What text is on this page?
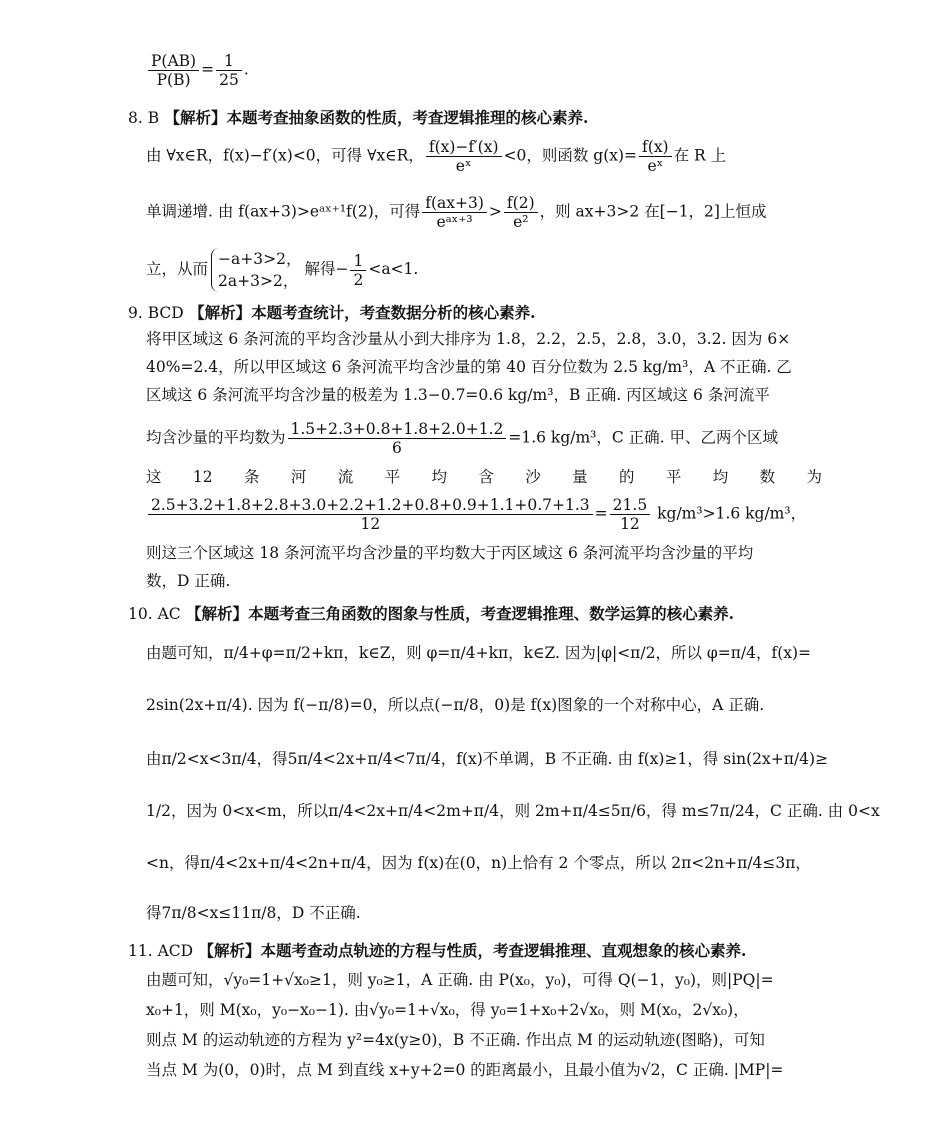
$\frac{P(AB)}{P(B)} = \frac{1}{25}$ .
8. B 【解析】本题考查抽象函数的性质，考查逻辑推理的核心素养.
由 ∀x∈R，f(x)−f′(x)<0，可得 ∀x∈R， $\frac{f(x)-f'(x)}{\text{eˣ}} <0$，则函数 $g(x)= \frac{f(x)}{\text{eˣ}}$ 在 R 上
单调递增. 由 f(ax+3)>eᵃˣ⁺¹f(2)，可得 $\frac{f(ax+3)}{\text{eᵃˣ⁺³}} > \frac{f(2)}{\text{e²}}$ ，则 ax+3>2 在[−1，2]上恒成
立，从而
−a+3>2，
2a+3>2，
解得− $\frac{1}{2} <a<1$.
9. BCD 【解析】本题考查统计，考查数据分析的核心素养.
将甲区域这 6 条河流的平均含沙量从小到大排序为 1.8，2.2，2.5，2.8，3.0，3.2. 因为 6×
40%=2.4，所以甲区域这 6 条河流平均含沙量的第 40 百分位数为 2.5 kg/m³，A 不正确. 乙
区域这 6 条河流平均含沙量的极差为 1.3−0.7=0.6 kg/m³，B 正确. 丙区域这 6 条河流平
均含沙量的平均数为 $\frac{1.5+2.3+0.8+1.8+2.0+1.2}{6} =1.6$ kg/m³，C 正确. 甲、乙两个区域
这 12 条 河 流 平 均 含 沙 量 的 平 均 数 为
$\frac{2.5+3.2+1.8+2.8+3.0+2.2+1.2+0.8+0.9+1.1+0.7+1.3}{12} = \frac{21.5}{12} kg/m^3>1.6$ kg/m³，
则这三个区域这 18 条河流平均含沙量的平均数大于丙区域这 6 条河流平均含沙量的平均
数，D 正确.
10. AC 【解析】本题考查三角函数的图象与性质，考查逻辑推理、数学运算的核心素养.
由题可知，π/4+φ=π/2+kπ，k∈Z，则 φ=π/4+kπ，k∈Z. 因为|φ|<π/2，所以 φ=π/4，f(x)=
2sin(2x+π/4). 因为 f(−π/8)=0，所以点(−π/8，0)是 f(x)图象的一个对称中心，A 正确.
由π/2<x<3π/4，得5π/4<2x+π/4<7π/4，f(x)不单调，B 不正确. 由 f(x)≥1，得 sin(2x+π/4)≥
1/2，因为 0<x<m，所以π/4<2x+π/4<2m+π/4，则 2m+π/4≤5π/6，得 m≤7π/24，C 正确. 由 0<x
<n，得π/4<2x+π/4<2n+π/4，因为 f(x)在(0，n)上恰有 2 个零点，所以 2π<2n+π/4≤3π，
得7π/8<x≤11π/8，D 不正确.
11. ACD 【解析】本题考查动点轨迹的方程与性质，考查逻辑推理、直观想象的核心素养.
由题可知，√y₀=1+√x₀≥1，则 y₀≥1，A 正确. 由 P(x₀，y₀)，可得 Q(−1，y₀)，则|PQ|=
x₀+1，则 M(x₀，y₀−x₀−1). 由√y₀=1+√x₀，得 y₀=1+x₀+2√x₀，则 M(x₀，2√x₀)，
则点 M 的运动轨迹的方程为 y²=4x(y≥0)，B 不正确. 作出点 M 的运动轨迹(图略)，可知
当点 M 为(0，0)时，点 M 到直线 x+y+2=0 的距离最小，且最小值为√2，C 正确. |MP|=
